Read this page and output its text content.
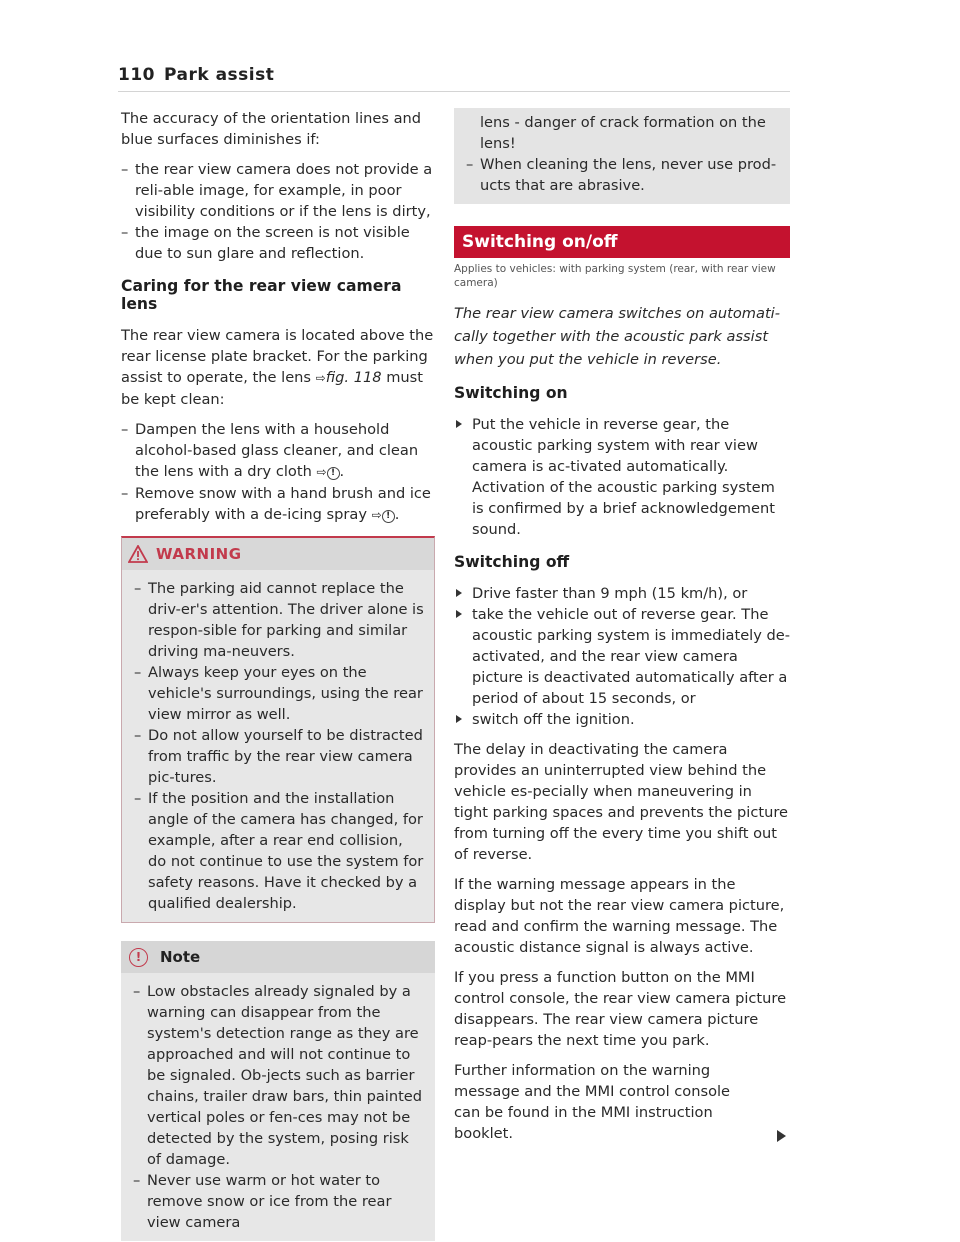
110 Park assist

The accuracy of the orientation lines and blue surfaces diminishes if:

– the rear view camera does not provide a reli-able image, for example, in poor visibility conditions or if the lens is dirty,
– the image on the screen is not visible due to sun glare and reflection.
Caring for the rear view camera lens

The rear view camera is located above the rear license plate bracket. For the parking assist to operate, the lens ⇨fig. 118 must be kept clean:

– Dampen the lens with a household alcohol-based glass cleaner, and clean the lens with a dry cloth ⇨ ! .
– Remove snow with a hand brush and ice preferably with a de-icing spray ⇨ ! .
WARNING
– The parking aid cannot replace the driv-er's attention. The driver alone is respon-sible for parking and similar driving ma-neuvers.
– Always keep your eyes on the vehicle's surroundings, using the rear view mirror as well.
– Do not allow yourself to be distracted from traffic by the rear view camera pic-tures.
– If the position and the installation angle of the camera has changed, for example, after a rear end collision, do not continue to use the system for safety reasons. Have it checked by a qualified dealership.
!	Note
– Low obstacles already signaled by a warning can disappear from the system's detection range as they are approached and will not continue to be signaled. Ob-jects such as barrier chains, trailer draw bars, thin painted vertical poles or fen-ces may not be detected by the system, posing risk of damage.
– Never use warm or hot water to remove snow or ice from the rear view camera

lens - danger of crack formation on the lens!

– When cleaning the lens, never use prod-ucts that are abrasive.
Switching on/off
Applies to vehicles: with parking system (rear, with rear view camera)

The rear view camera switches on automati-cally together with the acoustic park assist when you put the vehicle in reverse.

Switching on
Put the vehicle in reverse gear, the acoustic parking system with rear view camera is ac-tivated automatically. Activation of the acoustic parking system is confirmed by a brief acknowledgement sound.
Switching off
Drive faster than 9 mph (15 km/h), or
take the vehicle out of reverse gear. The acoustic parking system is immediately de-activated, and the rear view camera picture is deactivated automatically after a period of about 15 seconds, or
switch off the ignition.

The delay in deactivating the camera provides an uninterrupted view behind the vehicle es-pecially when maneuvering in tight parking spaces and prevents the picture from turning off the every time you shift out of reverse.

If the warning message appears in the display but not the rear view camera picture, read and confirm the warning message. The acoustic distance signal is always active.

If you press a function button on the MMI control console, the rear view camera picture disappears. The rear view camera picture reap-pears the next time you park.

Further information on the warning message and the MMI control console can be found in the MMI instruction booklet.
